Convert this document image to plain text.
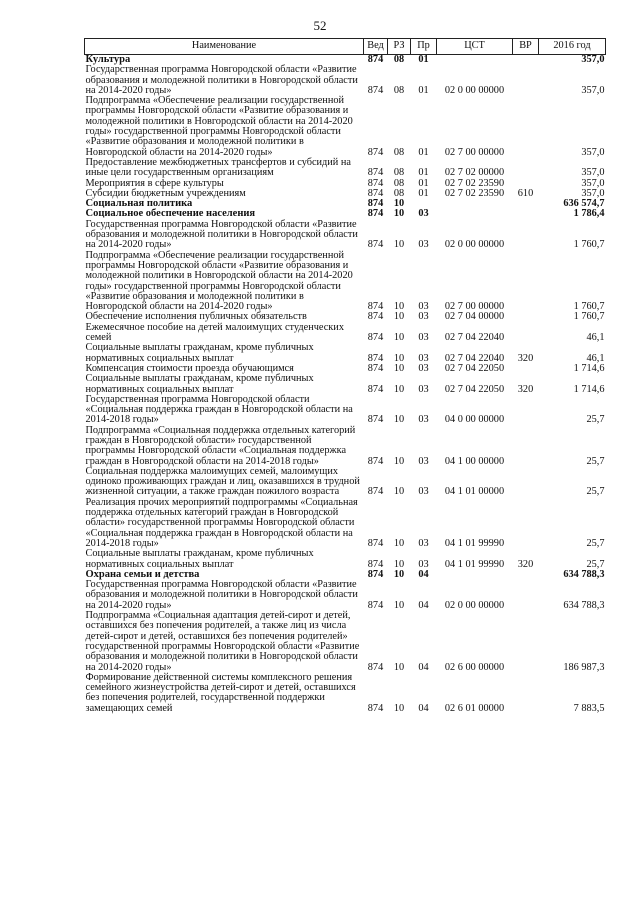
52
Наименование	Вед	РЗ	Пр	ЦСТ	ВР	2016 год
Культура	874	08	01			357,0
Государственная программа Новгородской области «Развитие образования и молодежной политики в Новгородской области на 2014-2020 годы»	874	08	01	02 0 00 00000		357,0
Подпрограмма «Обеспечение реализации государственной программы Новгородской области «Развитие образования и молодежной политики в Новгородской области на 2014-2020 годы» государственной программы Новгородской области «Развитие образования и молодежной политики в Новгородской области на 2014-2020 годы»	874	08	01	02 7 00 00000		357,0
Предоставление межбюджетных трансфертов и субсидий на иные цели государственным организациям	874	08	01	02 7 02 00000		357,0
Мероприятия в сфере культуры	874	08	01	02 7 02 23590		357,0
Субсидии бюджетным учреждениям	874	08	01	02 7 02 23590	610	357,0
Социальная политика	874	10				636 574,7
Социальное обеспечение населения	874	10	03			1 786,4
Государственная программа Новгородской области «Развитие образования и молодежной политики в Новгородской области на 2014-2020 годы»	874	10	03	02 0 00 00000		1 760,7
Подпрограмма «Обеспечение реализации государственной программы Новгородской области «Развитие образования и молодежной политики в Новгородской области на 2014-2020 годы» государственной программы Новгородской области «Развитие образования и молодежной политики в Новгородской области на 2014-2020 годы»	874	10	03	02 7 00 00000		1 760,7
Обеспечение исполнения публичных обязательств	874	10	03	02 7 04 00000		1 760,7
Ежемесячное пособие на детей малоимущих студенческих семей	874	10	03	02 7 04 22040		46,1
Социальные выплаты гражданам, кроме публичных нормативных социальных выплат	874	10	03	02 7 04 22040	320	46,1
Компенсация стоимости проезда обучающимся	874	10	03	02 7 04 22050		1 714,6
Социальные выплаты гражданам, кроме публичных нормативных социальных выплат	874	10	03	02 7 04 22050	320	1 714,6
Государственная программа Новгородской области «Социальная поддержка граждан в Новгородской области на 2014-2018 годы»	874	10	03	04 0 00 00000		25,7
Подпрограмма «Социальная поддержка отдельных категорий граждан в Новгородской области» государственной программы Новгородской области «Социальная поддержка граждан в Новгородской области на 2014-2018 годы»	874	10	03	04 1 00 00000		25,7
Социальная поддержка малоимущих семей, малоимущих одиноко проживающих граждан и лиц, оказавшихся в трудной жизненной ситуации, а также граждан пожилого возраста	874	10	03	04 1 01 00000		25,7
Реализация прочих мероприятий подпрограммы «Социальная поддержка отдельных категорий граждан в Новгородской области» государственной программы Новгородской области «Социальная поддержка граждан в Новгородской области на 2014-2018 годы»	874	10	03	04 1 01 99990		25,7
Социальные выплаты гражданам, кроме публичных нормативных социальных выплат	874	10	03	04 1 01 99990	320	25,7
Охрана семьи и детства	874	10	04			634 788,3
Государственная программа Новгородской области «Развитие образования и молодежной политики в Новгородской области на 2014-2020 годы»	874	10	04	02 0 00 00000		634 788,3
Подпрограмма «Социальная адаптация детей-сирот и детей, оставшихся без попечения родителей, а также лиц из числа детей-сирот и детей, оставшихся без попечения родителей» государственной программы Новгородской области «Развитие образования и молодежной политики в Новгородской области на 2014-2020 годы»	874	10	04	02 6 00 00000		186 987,3
Формирование действенной системы комплексного решения семейного жизнеустройства детей-сирот и детей, оставшихся без попечения родителей, государственной поддержки замещающих семей	874	10	04	02 6 01 00000		7 883,5
